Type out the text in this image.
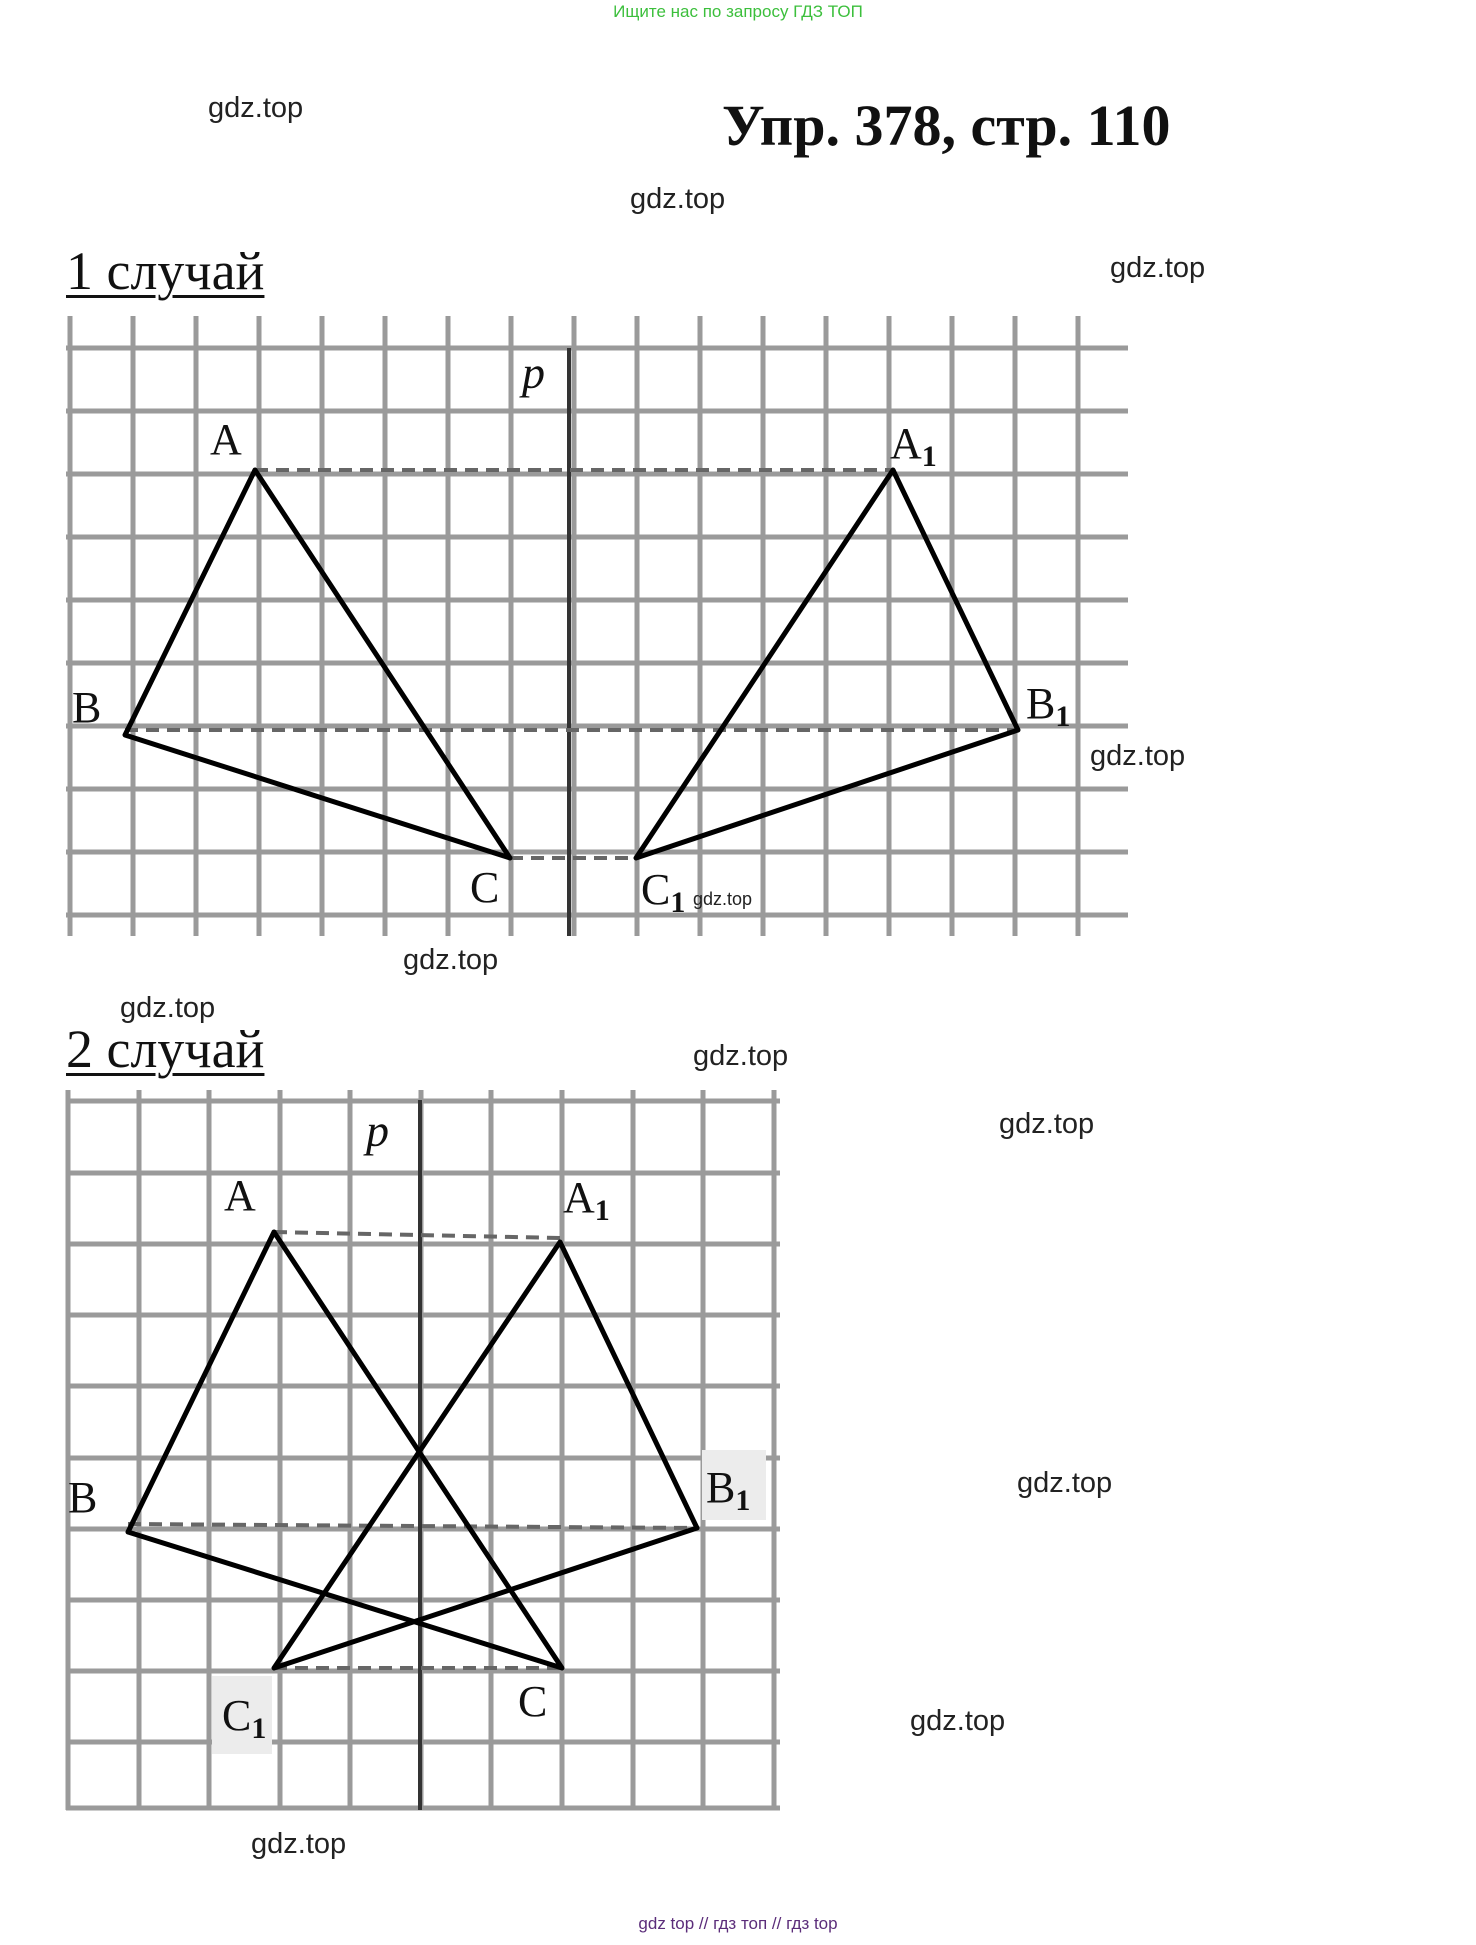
Ищите нас по запросу ГДЗ ТОП
gdz.top	Упр. 378, стр. 110
gdz.top
1 случай	gdz.top
p
A
B
C
A1
B1
C1 gdz.top
gdz.top
gdz.top
gdz.top
2 случай	gdz.top
gdz.top
p
A
B
C
A1
B1
C1
gdz.top
gdz.top
gdz.top
gdz top // гдз топ // гдз top
